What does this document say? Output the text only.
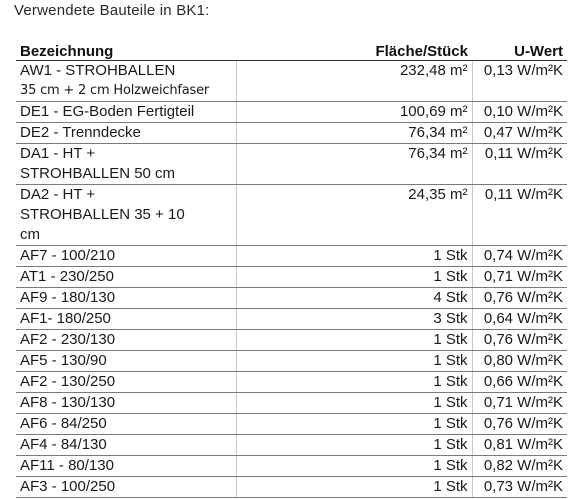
Verwendete Bauteile in BK1:
Bezeichnung	Fläche/Stück	U-Wert

AW1 - STROHBALLEN
35 cm + 2 cm Holzweichfaser	232,48 m²	0,13 W/m²K

DE1 - EG-Boden Fertigteil	100,69 m²	0,10 W/m²K

DE2 - Trenndecke	76,34 m²	0,47 W/m²K

DA1 - HT +
STROHBALLEN 50 cm	76,34 m²	0,11 W/m²K

DA2 - HT +
STROHBALLEN 35 + 10
cm	24,35 m²	0,11 W/m²K

AF7 - 100/210	1 Stk	0,74 W/m²K

AT1 - 230/250	1 Stk	0,71 W/m²K

AF9 - 180/130	4 Stk	0,76 W/m²K

AF1- 180/250	3 Stk	0,64 W/m²K

AF2 - 230/130	1 Stk	0,76 W/m²K

AF5 - 130/90	1 Stk	0,80 W/m²K

AF2 - 130/250	1 Stk	0,66 W/m²K

AF8 - 130/130	1 Stk	0,71 W/m²K

AF6 - 84/250	1 Stk	0,76 W/m²K

AF4 - 84/130	1 Stk	0,81 W/m²K

AF11 - 80/130	1 Stk	0,82 W/m²K

AF3 - 100/250	1 Stk	0,73 W/m²K
